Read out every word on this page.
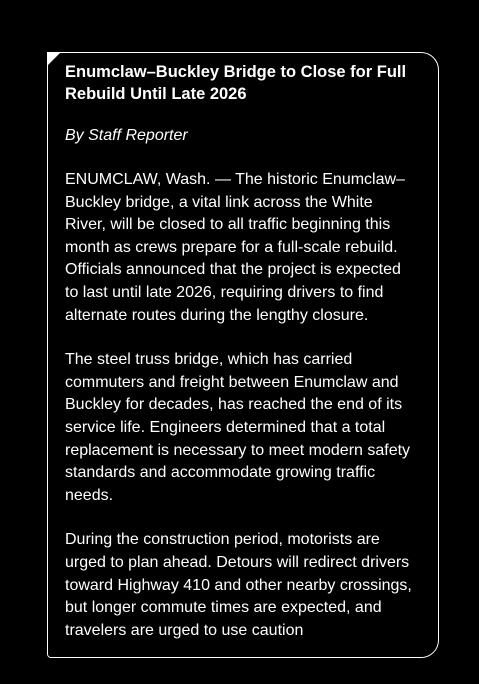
Enumclaw–Buckley Bridge to Close for Full Rebuild Until Late 2026
By Staff Reporter
ENUMCLAW, Wash. — The historic Enumclaw–Buckley bridge, a vital link across the White River, will be closed to all traffic beginning this month as crews prepare for a full-scale rebuild. Officials announced that the project is expected to last until late 2026, requiring drivers to find alternate routes during the lengthy closure.
The steel truss bridge, which has carried commuters and freight between Enumclaw and Buckley for decades, has reached the end of its service life. Engineers determined that a total replacement is necessary to meet modern safety standards and accommodate growing traffic needs.
During the construction period, motorists are urged to plan ahead. Detours will redirect drivers toward Highway 410 and other nearby crossings, but longer commute times are expected, and travelers are urged to use caution
